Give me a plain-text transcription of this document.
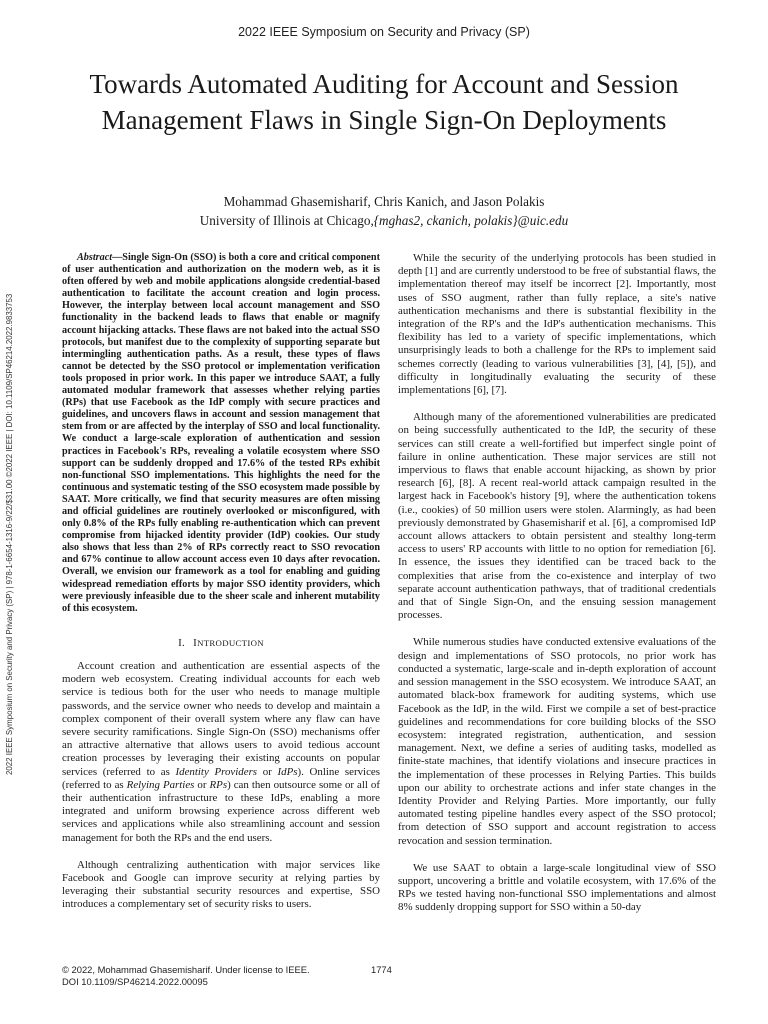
2022 IEEE Symposium on Security and Privacy (SP)
Towards Automated Auditing for Account and Session
Management Flaws in Single Sign-On Deployments
Mohammad Ghasemisharif, Chris Kanich, and Jason Polakis
University of Illinois at Chicago,{mghas2, ckanich, polakis}@uic.edu
2022 IEEE Symposium on Security and Privacy (SP) | 978-1-6654-1316-9/22/$31.00 ©2022 IEEE | DOI: 10.1109/SP46214.2022.9833753
Abstract—Single Sign-On (SSO) is both a core and critical component of user authentication and authorization on the modern web, as it is often offered by web and mobile applications alongside credential-based authentication to facilitate the account creation and login process. However, the interplay between local account management and SSO functionality in the backend leads to flaws that enable or magnify account hijacking attacks. These flaws are not baked into the actual SSO protocols, but manifest due to the complexity of supporting separate but intermingling authentication paths. As a result, these types of flaws cannot be detected by the SSO protocol or implementation verification tools proposed in prior work. In this paper we introduce SAAT, a fully automated modular framework that assesses whether relying parties (RPs) that use Facebook as the IdP comply with secure practices and guidelines, and uncovers flaws in account and session management that stem from or are affected by the interplay of SSO and local functionality. We conduct a large-scale exploration of authentication and session practices in Facebook's RPs, revealing a volatile ecosystem where SSO support can be suddenly dropped and 17.6% of the tested RPs exhibit non-functional SSO implementations. This highlights the need for the continuous and systematic testing of the SSO ecosystem made possible by SAAT. More critically, we find that security measures are often missing and official guidelines are routinely overlooked or misconfigured, with only 0.8% of the RPs fully enabling re-authentication which can prevent compromise from hijacked identity provider (IdP) cookies. Our study also shows that less than 2% of RPs correctly react to SSO revocation and 67% continue to allow account access even 10 days after revocation. Overall, we envision our framework as a tool for enabling and guiding widespread remediation efforts by major SSO identity providers, which were previously infeasible due to the sheer scale and inherent mutability of this ecosystem.
I. INTRODUCTION

Account creation and authentication are essential aspects of the modern web ecosystem. Creating individual accounts for each web service is tedious both for the user who needs to manage multiple passwords, and the service owner who needs to develop and maintain a complex component of their overall system where any flaw can have severe security ramifications. Single Sign-On (SSO) mechanisms offer an attractive alternative that allows users to avoid tedious account creation processes by leveraging their existing accounts on popular services (referred to as Identity Providers or IdPs). Online services (referred to as Relying Parties or RPs) can then outsource some or all of their authentication infrastructure to these IdPs, enabling a more integrated and uniform browsing experience across different web services and applications while also streamlining account and session management for both the RPs and the end users.

Although centralizing authentication with major services like Facebook and Google can improve security at relying parties by leveraging their substantial security resources and expertise, SSO introduces a complementary set of security risks to users.

While the security of the underlying protocols has been studied in depth [1] and are currently understood to be free of substantial flaws, the implementation thereof may itself be incorrect [2]. Importantly, most uses of SSO augment, rather than fully replace, a site's native authentication mechanisms and there is substantial flexibility in the integration of the RP's and the IdP's authentication mechanisms. This flexibility has led to a variety of specific implementations, which unsurprisingly leads to both a challenge for the RPs to implement said schemes correctly (leading to various vulnerabilities [3], [4], [5]), and difficulty in longitudinally evaluating the security of these implementations [6], [7].

Although many of the aforementioned vulnerabilities are predicated on being successfully authenticated to the IdP, the security of these services can still create a well-fortified but imperfect single point of failure in online authentication. These major services are still not impervious to flaws that enable account hijacking, as shown by prior research [6], [8]. A recent real-world attack campaign resulted in the largest hack in Facebook's history [9], where the authentication tokens (i.e., cookies) of 50 million users were stolen. Alarmingly, as had been previously demonstrated by Ghasemisharif et al. [6], a compromised IdP account allows attackers to obtain persistent and stealthy long-term access to users' RP accounts with little to no option for remediation [6]. In essence, the issues they identified can be traced back to the complexities that arise from the co-existence and interplay of two separate account authentication pathways, that of traditional credentials and that of Single Sign-On, and the ensuing session management processes.

While numerous studies have conducted extensive evaluations of the design and implementations of SSO protocols, no prior work has conducted a systematic, large-scale and in-depth exploration of account and session management in the SSO ecosystem. We introduce SAAT, an automated black-box framework for auditing systems, which use Facebook as the IdP, in the wild. First we compile a set of best-practice guidelines and recommendations for core building blocks of the SSO ecosystem: integrated registration, authentication, and session management. Next, we define a series of auditing tasks, modelled as finite-state machines, that identify violations and insecure practices in the implementation of these processes in Relying Parties. This builds upon our ability to orchestrate actions and infer state changes in the Identity Provider and Relying Parties. More importantly, our fully automated testing pipeline handles every aspect of the SSO protocol; from detection of SSO support and account registration to access revocation and session termination.

We use SAAT to obtain a large-scale longitudinal view of SSO support, uncovering a brittle and volatile ecosystem, with 17.6% of the RPs we tested having non-functional SSO implementations and almost 8% suddenly dropping support for SSO within a 50-day

© 2022, Mohammad Ghasemisharif. Under license to IEEE.
DOI 10.1109/SP46214.2022.00095
1774
